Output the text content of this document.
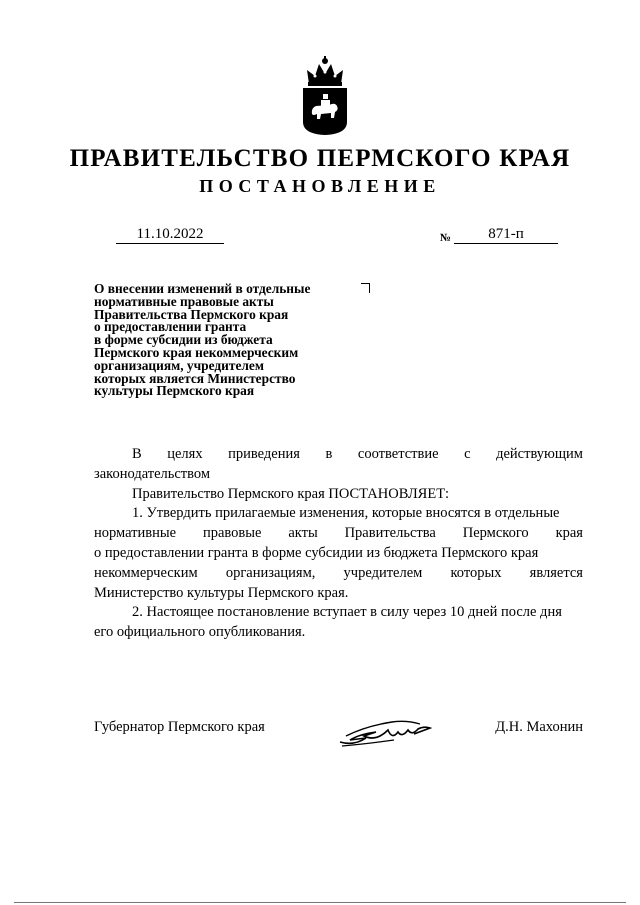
ПРАВИТЕЛЬСТВО ПЕРМСКОГО КРАЯ
ПОСТАНОВЛЕНИЕ
11.10.2022	№	871-п
О внесении изменений в отдельные
нормативные правовые акты
Правительства Пермского края
о предоставлении гранта
в форме субсидии из бюджета
Пермского края некоммерческим
организациям, учредителем
которых является Министерство
культуры Пермского края
В целях приведения в соответствие с действующим
законодательством
Правительство Пермского края ПОСТАНОВЛЯЕТ:
1. Утвердить прилагаемые изменения, которые вносятся в отдельные
нормативные правовые акты Правительства Пермского края
о предоставлении гранта в форме субсидии из бюджета Пермского края
некоммерческим организациям, учредителем которых является
Министерство культуры Пермского края.
2. Настоящее постановление вступает в силу через 10 дней после дня
его официального опубликования.
Губернатор Пермского края	Д.Н. Махонин
